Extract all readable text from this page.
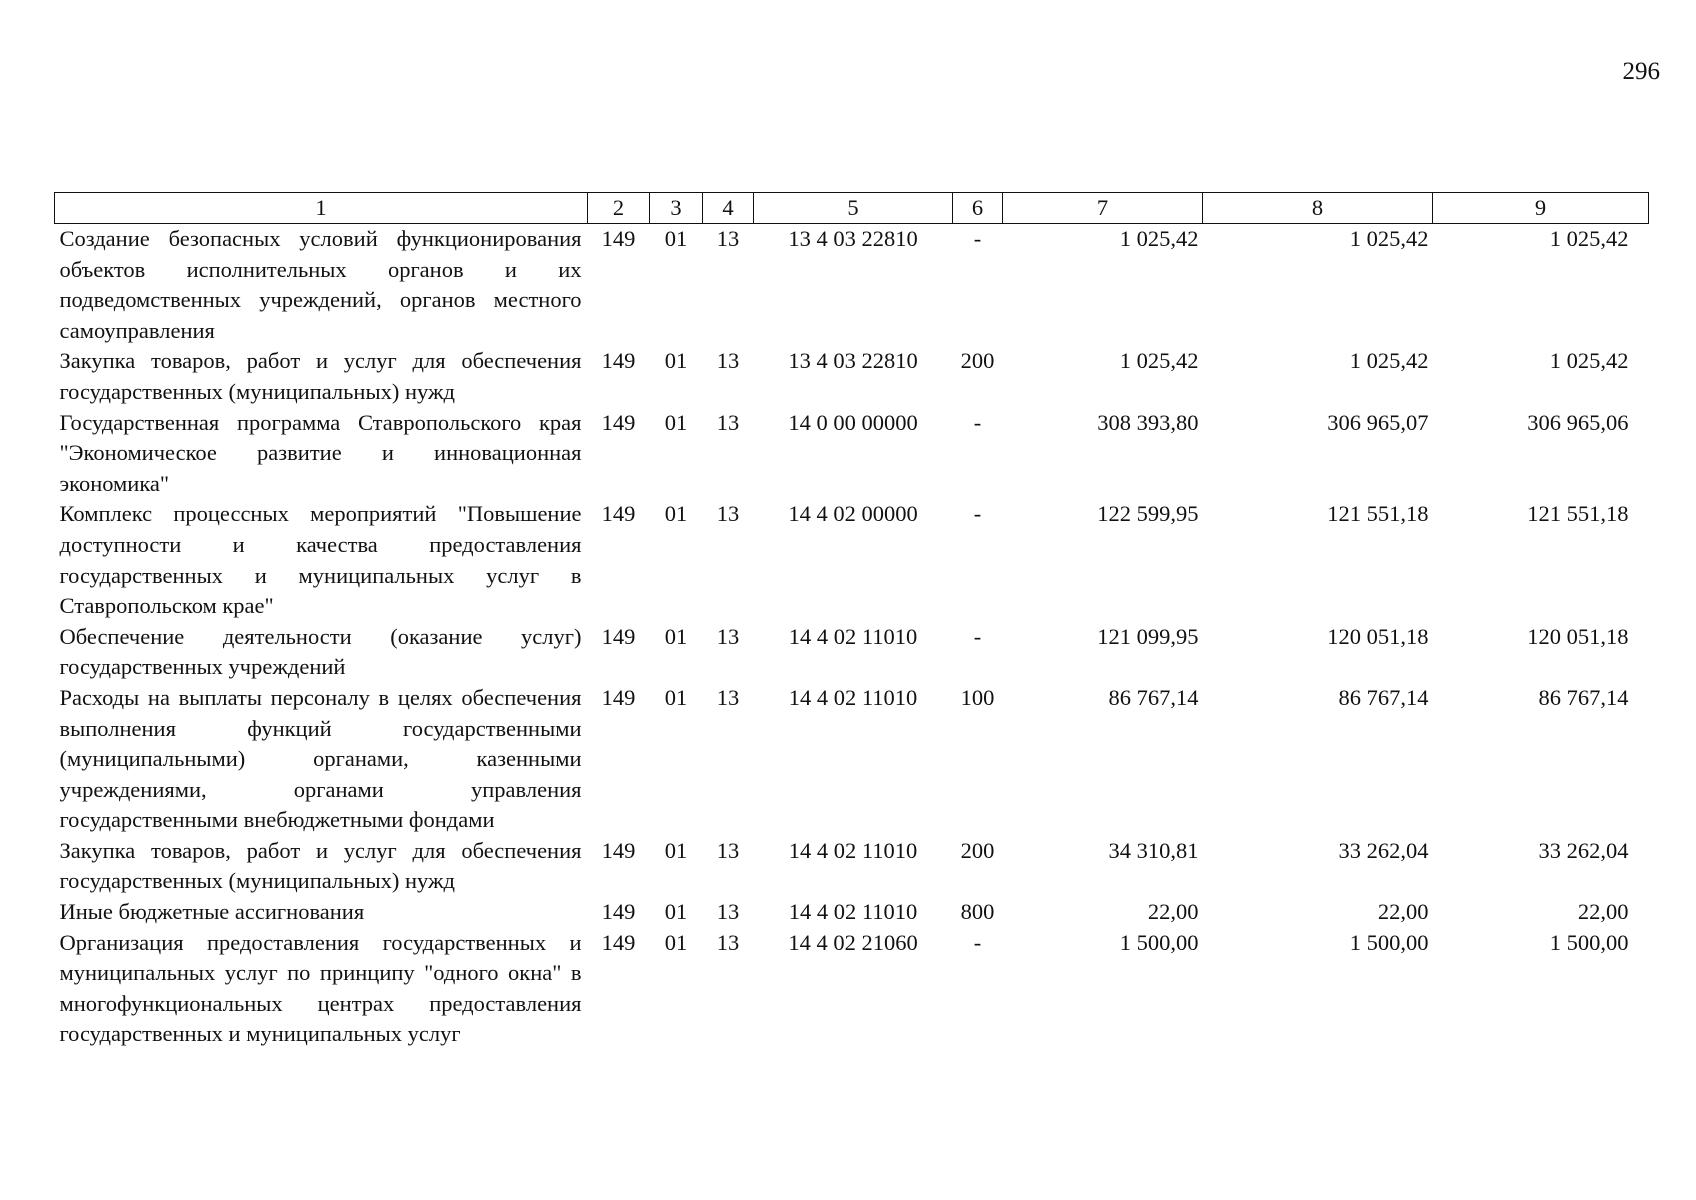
296
1	2	3	4	5	6	7	8	9
Создание безопасных условий функционирования объектов исполнительных органов и их подведомственных учреждений, органов местного самоуправления	149	01	13	13 4 03 22810	-	1 025,42	1 025,42	1 025,42
Закупка товаров, работ и услуг для обеспечения государственных (муниципальных) нужд	149	01	13	13 4 03 22810	200	1 025,42	1 025,42	1 025,42
Государственная программа Ставропольского края "Экономическое развитие и инновационная экономика"	149	01	13	14 0 00 00000	-	308 393,80	306 965,07	306 965,06
Комплекс процессных мероприятий "Повышение доступности и качества предоставления государственных и муниципальных услуг в Ставропольском крае"	149	01	13	14 4 02 00000	-	122 599,95	121 551,18	121 551,18
Обеспечение деятельности (оказание услуг) государственных учреждений	149	01	13	14 4 02 11010	-	121 099,95	120 051,18	120 051,18
Расходы на выплаты персоналу в целях обеспечения выполнения функций государственными (муниципальными) органами, казенными учреждениями, органами управления государственными внебюджетными фондами	149	01	13	14 4 02 11010	100	86 767,14	86 767,14	86 767,14
Закупка товаров, работ и услуг для обеспечения государственных (муниципальных) нужд	149	01	13	14 4 02 11010	200	34 310,81	33 262,04	33 262,04
Иные бюджетные ассигнования	149	01	13	14 4 02 11010	800	22,00	22,00	22,00
Организация предоставления государственных и муниципальных услуг по принципу "одного окна" в многофункциональных центрах предоставления государственных и муниципальных услуг	149	01	13	14 4 02 21060	-	1 500,00	1 500,00	1 500,00
